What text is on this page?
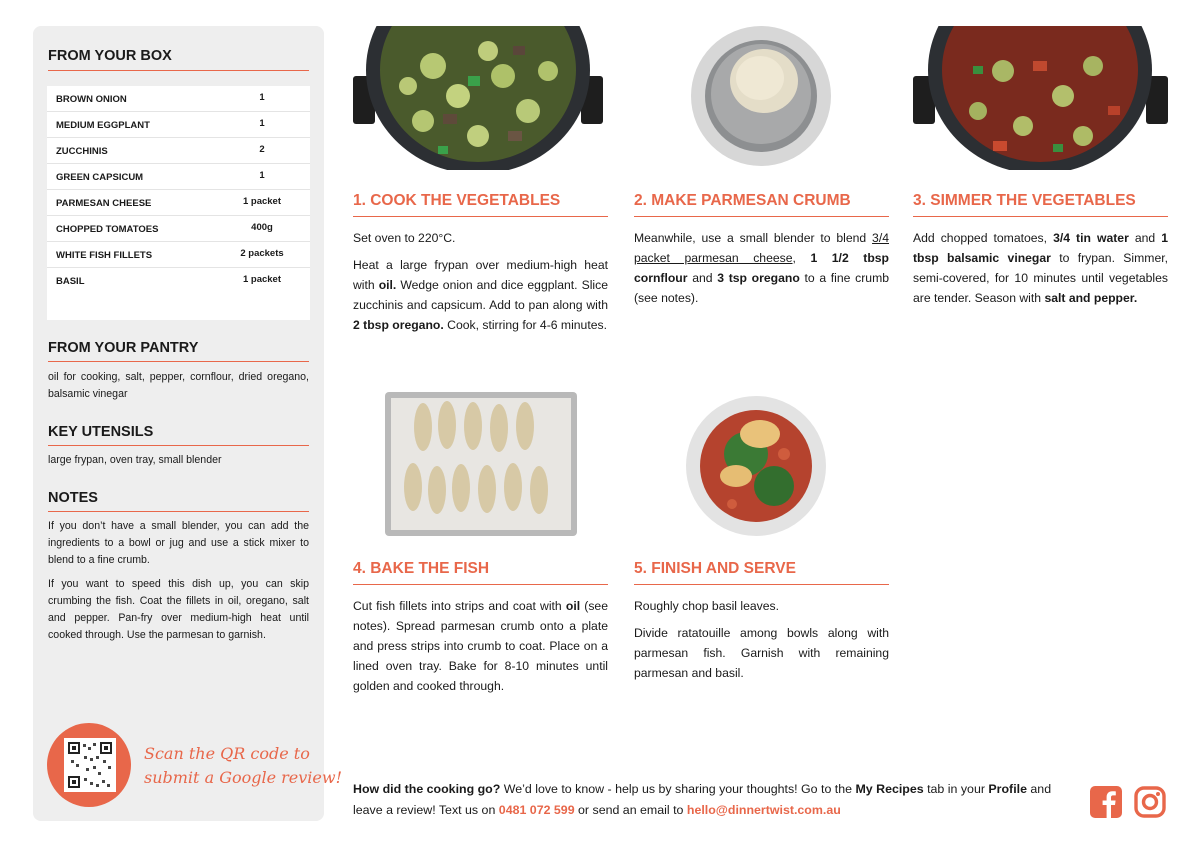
FROM YOUR BOX
BROWN ONION	1
MEDIUM EGGPLANT	1
ZUCCHINIS	2
GREEN CAPSICUM	1
PARMESAN CHEESE	1 packet
CHOPPED TOMATOES	400g
WHITE FISH FILLETS	2 packets
BASIL	1 packet
FROM YOUR PANTRY
oil for cooking, salt, pepper, cornflour, dried oregano, balsamic vinegar
KEY UTENSILS
large frypan, oven tray, small blender
NOTES
If you don’t have a small blender, you can add the ingredients to a bowl or jug and use a stick mixer to blend to a fine crumb.
If you want to speed this dish up, you can skip crumbing the fish. Coat the fillets in oil, oregano, salt and pepper. Pan-fry over medium-high heat until cooked through. Use the parmesan to garnish.
Scan the QR code to
submit a Google review!
1. COOK THE VEGETABLES	2. MAKE PARMESAN CRUMB	3. SIMMER THE VEGETABLES
4. BAKE THE FISH	5. FINISH AND SERVE

Set oven to 220°C.

Heat a large frypan over medium-high heat with oil. Wedge onion and dice eggplant. Slice zucchinis and capsicum. Add to pan along with 2 tbsp oregano. Cook, stirring for 4-6 minutes.

Meanwhile, use a small blender to blend 3/4 packet parmesan cheese, 1 1/2 tbsp cornflour and 3 tsp oregano to a fine crumb (see notes).

Add chopped tomatoes, 3/4 tin water and 1 tbsp balsamic vinegar to frypan. Simmer, semi-covered, for 10 minutes until vegetables are tender. Season with salt and pepper.

Cut fish fillets into strips and coat with oil (see notes). Spread parmesan crumb onto a plate and press strips into crumb to coat. Place on a lined oven tray. Bake for 8-10 minutes until golden and cooked through.

Roughly chop basil leaves.

Divide ratatouille among bowls along with parmesan fish. Garnish with remaining parmesan and basil.

How did the cooking go? We’d love to know - help us by sharing your thoughts! Go to the My Recipes tab in your Profile and leave a review! Text us on 0481 072 599 or send an email to hello@dinnertwist.com.au
